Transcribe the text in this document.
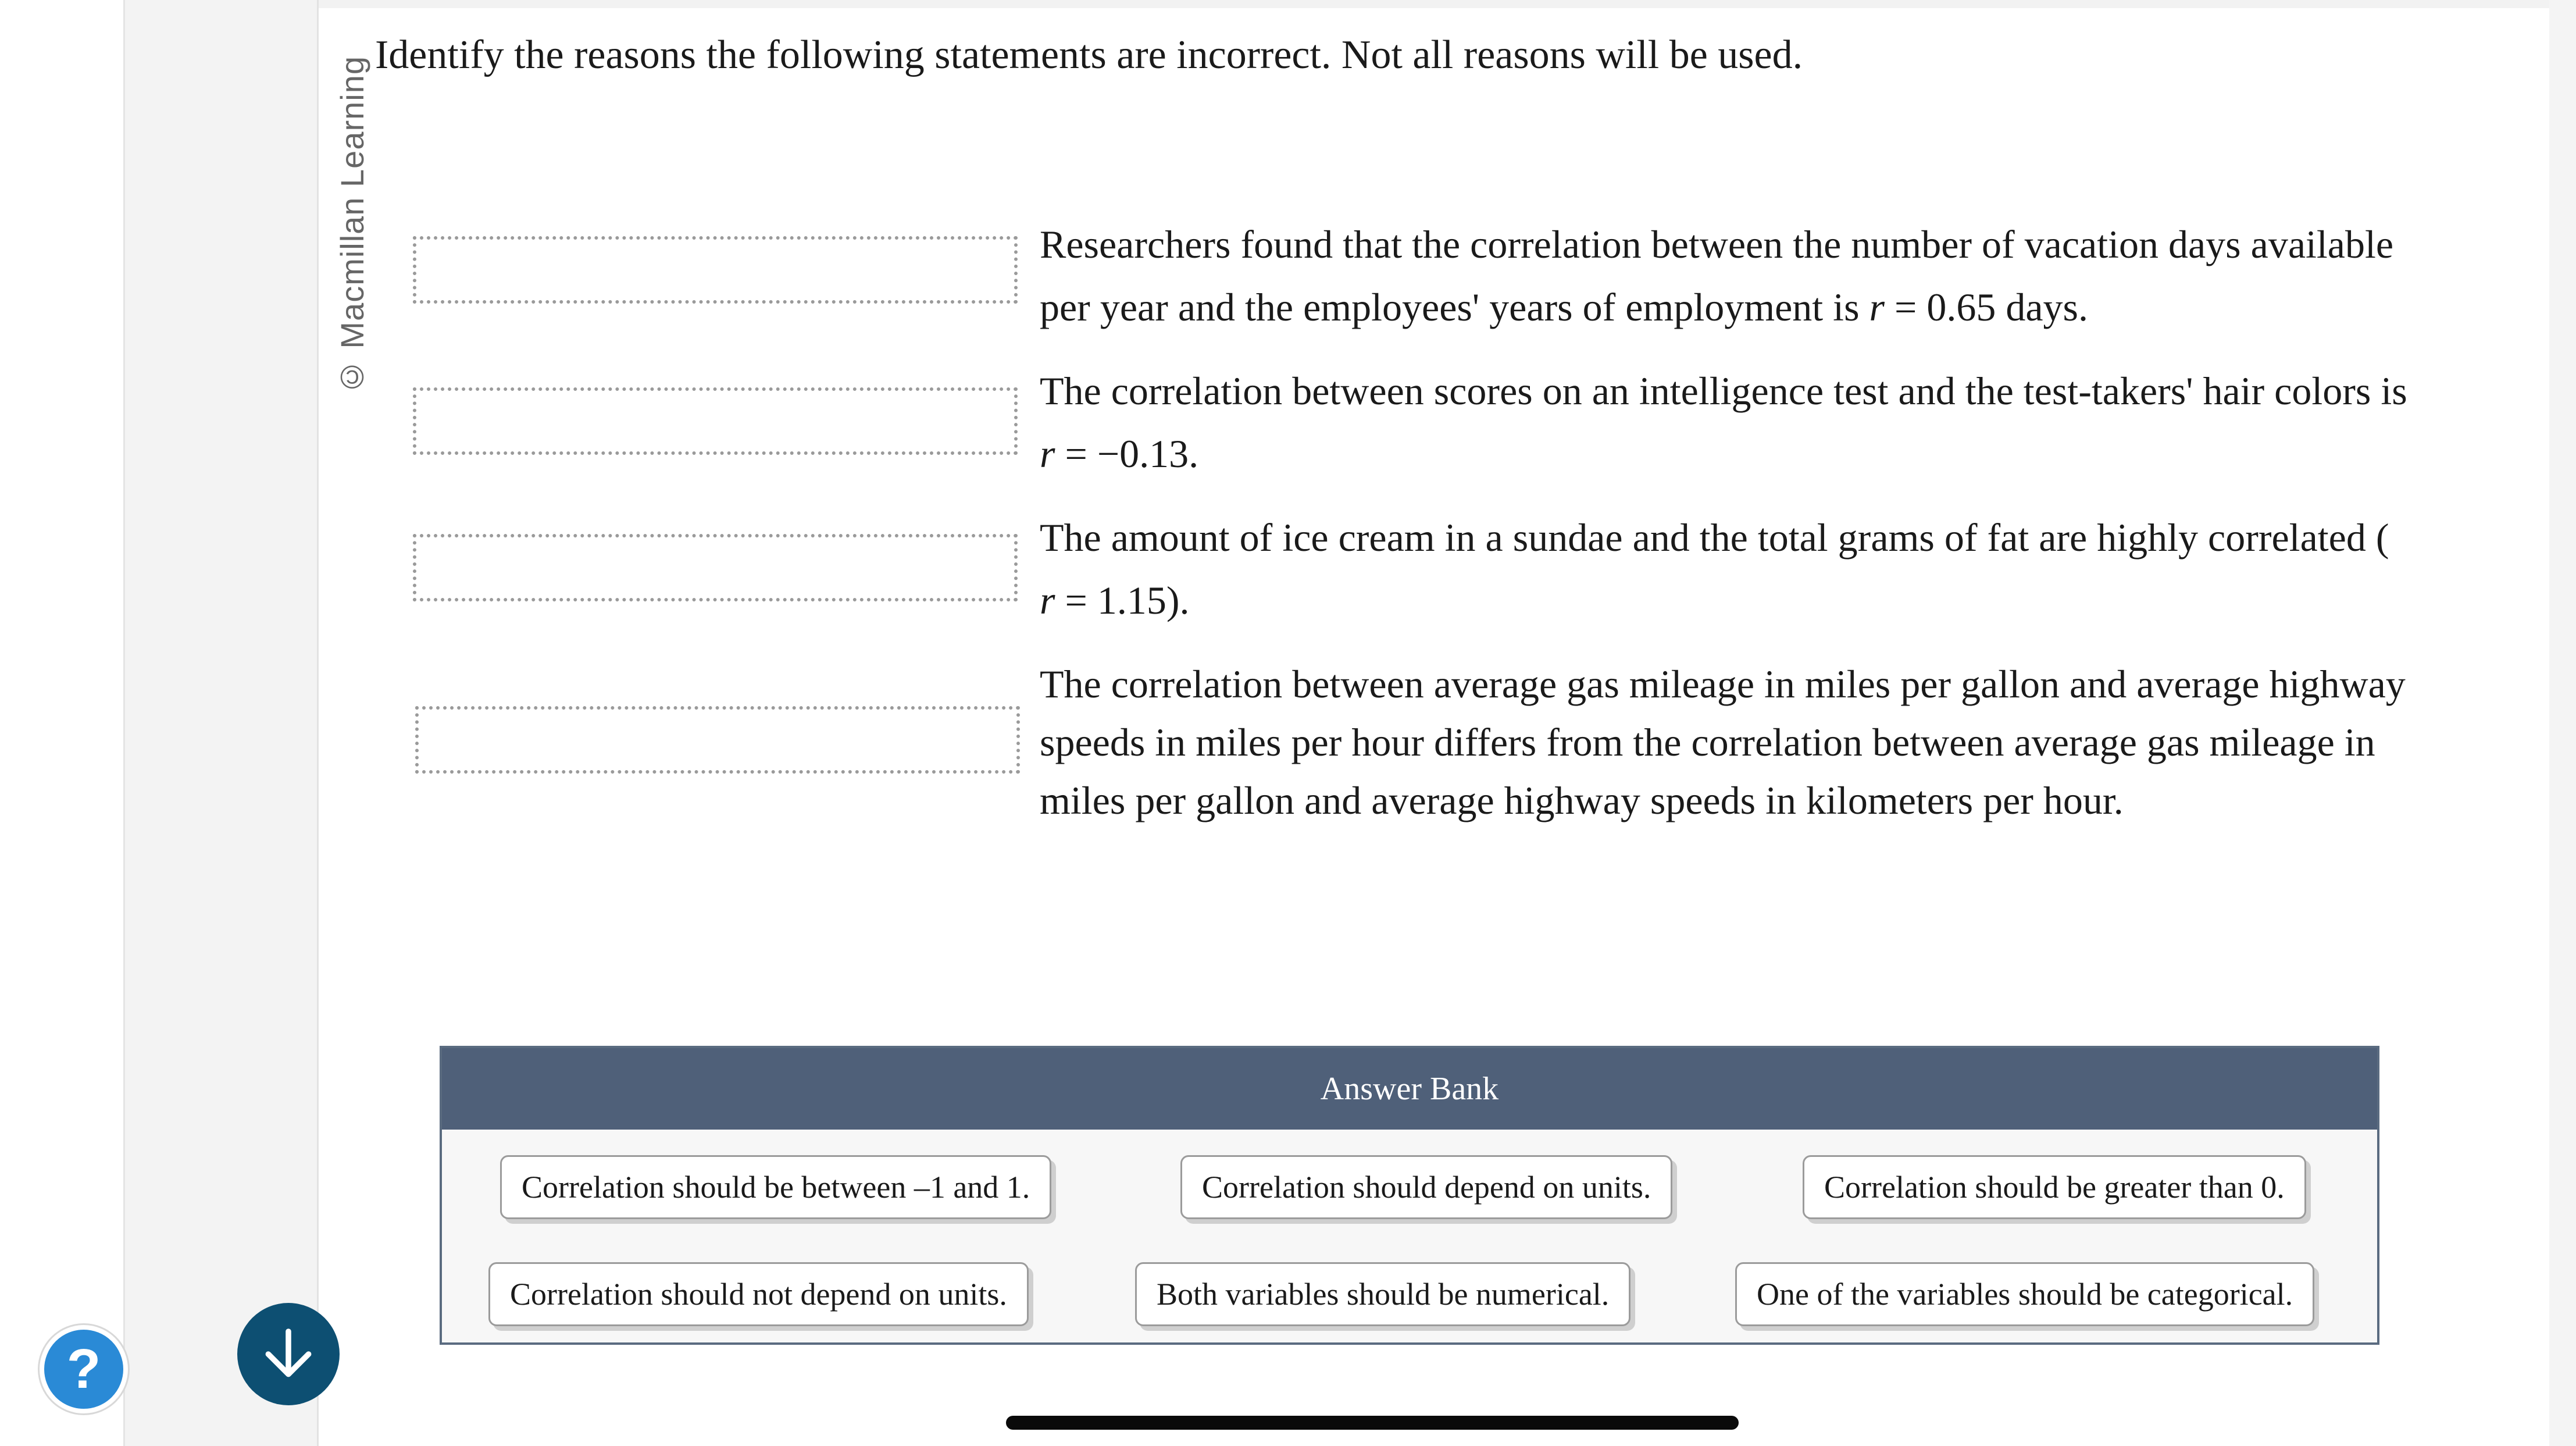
© Macmillan Learning
Identify the reasons the following statements are incorrect. Not all reasons will be used.
Researchers found that the correlation between the number of vacation days available
per year and the employees' years of employment is r = 0.65 days.
The correlation between scores on an intelligence test and the test-takers' hair colors is
r = −0.13.
The amount of ice cream in a sundae and the total grams of fat are highly correlated (
r = 1.15).
The correlation between average gas mileage in miles per gallon and average highway
speeds in miles per hour differs from the correlation between average gas mileage in
miles per gallon and average highway speeds in kilometers per hour.
Answer Bank
Correlation should be between –1 and 1.	Correlation should depend on units.	Correlation should be greater than 0.
Correlation should not depend on units.	Both variables should be numerical.	One of the variables should be categorical.
?
